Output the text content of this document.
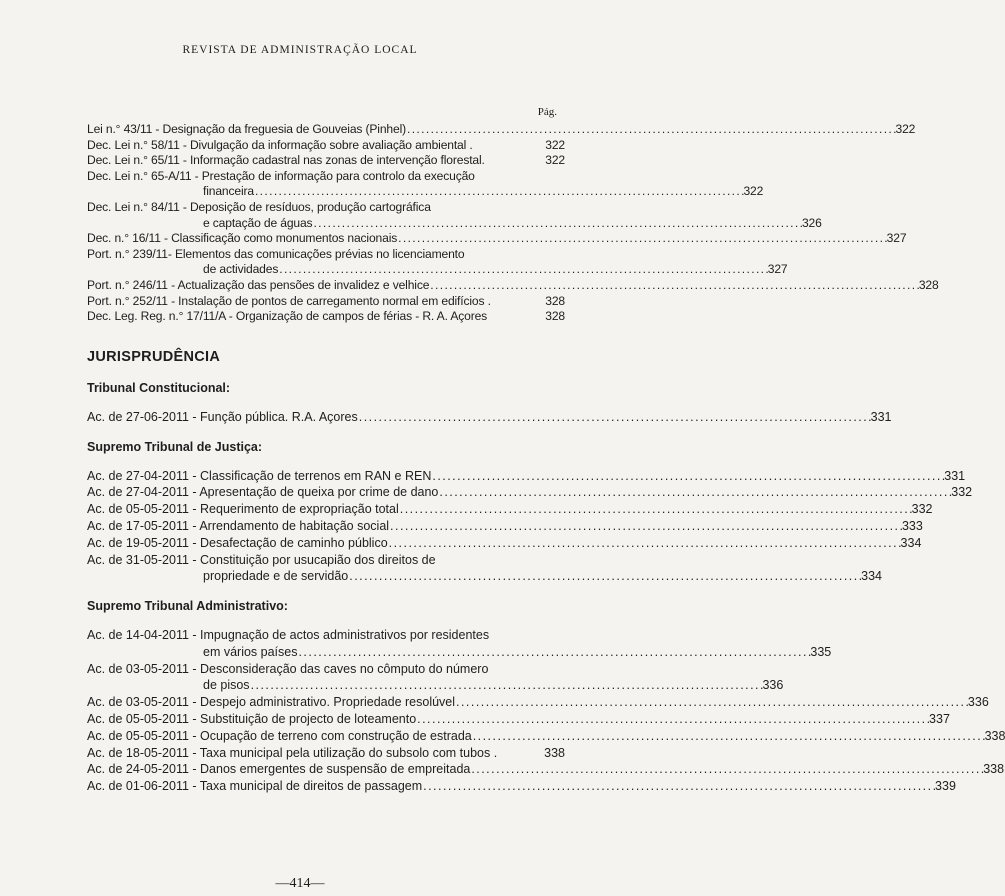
REVISTA DE ADMINISTRAÇÃO LOCAL
Pág.
Lei n.° 43/11 - Designação da freguesia de Gouveias (Pinhel) . . .	322
Dec. Lei n.° 58/11 - Divulgação da informação sobre avaliação ambiental .	322
Dec. Lei n.° 65/11 - Informação cadastral nas zonas de intervenção florestal.	322
Dec. Lei n.° 65-A/11 - Prestação de informação para controlo da execução
financeira . . .	322
Dec. Lei n.° 84/11 - Deposição de resíduos, produção cartográfica
e captação de águas . . .	326
Dec. n.° 16/11 - Classificação como monumentos nacionais . . .	327
Port. n.° 239/11- Elementos das comunicações prévias no licenciamento
de actividades . . .	327
Port. n.° 246/11 - Actualização das pensões de invalidez e velhice . . .	328
Port. n.° 252/11 - Instalação de pontos de carregamento normal em edifícios .	328
Dec. Leg. Reg. n.° 17/11/A - Organização de campos de férias - R. A. Açores	328
JURISPRUDÊNCIA
Tribunal Constitucional:
Ac. de 27-06-2011 - Função pública. R.A. Açores . . .	331
Supremo Tribunal de Justiça:
Ac. de 27-04-2011 - Classificação de terrenos em RAN e REN . . .	331
Ac. de 27-04-2011 - Apresentação de queixa por crime de dano . . .	332
Ac. de 05-05-2011 - Requerimento de expropriação total . . .	332
Ac. de 17-05-2011 - Arrendamento de habitação social . . .	333
Ac. de 19-05-2011 - Desafectação de caminho público . . .	334
Ac. de 31-05-2011 - Constituição por usucapião dos direitos de
propriedade e de servidão . . .	334
Supremo Tribunal Administrativo:
Ac. de 14-04-2011 - Impugnação de actos administrativos por residentes
em vários países . . .	335
Ac. de 03-05-2011 - Desconsideração das caves no cômputo do número
de pisos . . .	336
Ac. de 03-05-2011 - Despejo administrativo. Propriedade resolúvel . . .	336
Ac. de 05-05-2011 - Substituição de projecto de loteamento . . .	337
Ac. de 05-05-2011 - Ocupação de terreno com construção de estrada . . .	338
Ac. de 18-05-2011 - Taxa municipal pela utilização do subsolo com tubos .	338
Ac. de 24-05-2011 - Danos emergentes de suspensão de empreitada . . .	338
Ac. de 01-06-2011 - Taxa municipal de direitos de passagem . . .	339
—414—
